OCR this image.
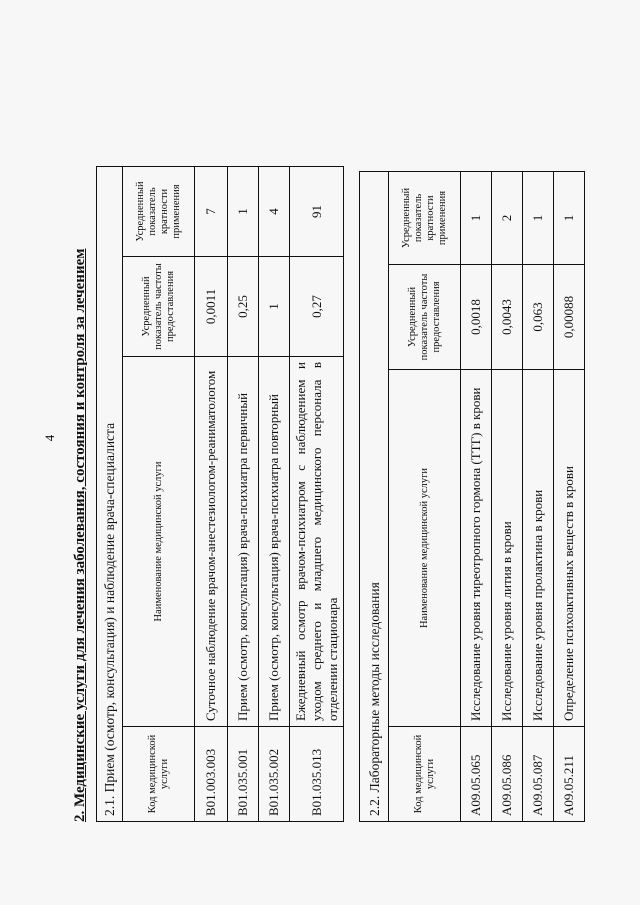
4 2. Медицинские услуги для лечения заболевания, состояния и контроля за лечением 2.1. Прием (осмотр, консультация) и наблюдение врача-специалиста			
Код медицинской услуги	Наименование медицинской услуги	Усредненный показатель частоты предоставления	Усредненный показатель кратности применения
B01.003.003	Суточное наблюдение врачом-анестезиологом-реаниматологом	0,0011	7
B01.035.001	Прием (осмотр, консультация) врача-психиатра первичный	0,25	1
B01.035.002	Прием (осмотр, консультация) врача-психиатра повторный	1	4
B01.035.013	Ежедневный осмотр врачом-психиатром с наблюдением и уходом среднего и младшего медицинского персонала в отделении стационара	0,27	91
2.2. Лабораторные методы исследования			
Код медицинской услуги	Наименование медицинской услуги	Усредненный показатель частоты предоставления	Усредненный показатель кратности применения
A09.05.065	Исследование уровня тиреотропного гормона (ТТГ) в крови	0,0018	1
A09.05.086	Исследование уровня лития в крови	0,0043	2
A09.05.087	Исследование уровня пролактина в крови	0,063	1
A09.05.211	Определение психоактивных веществ в крови	0,00088	1
